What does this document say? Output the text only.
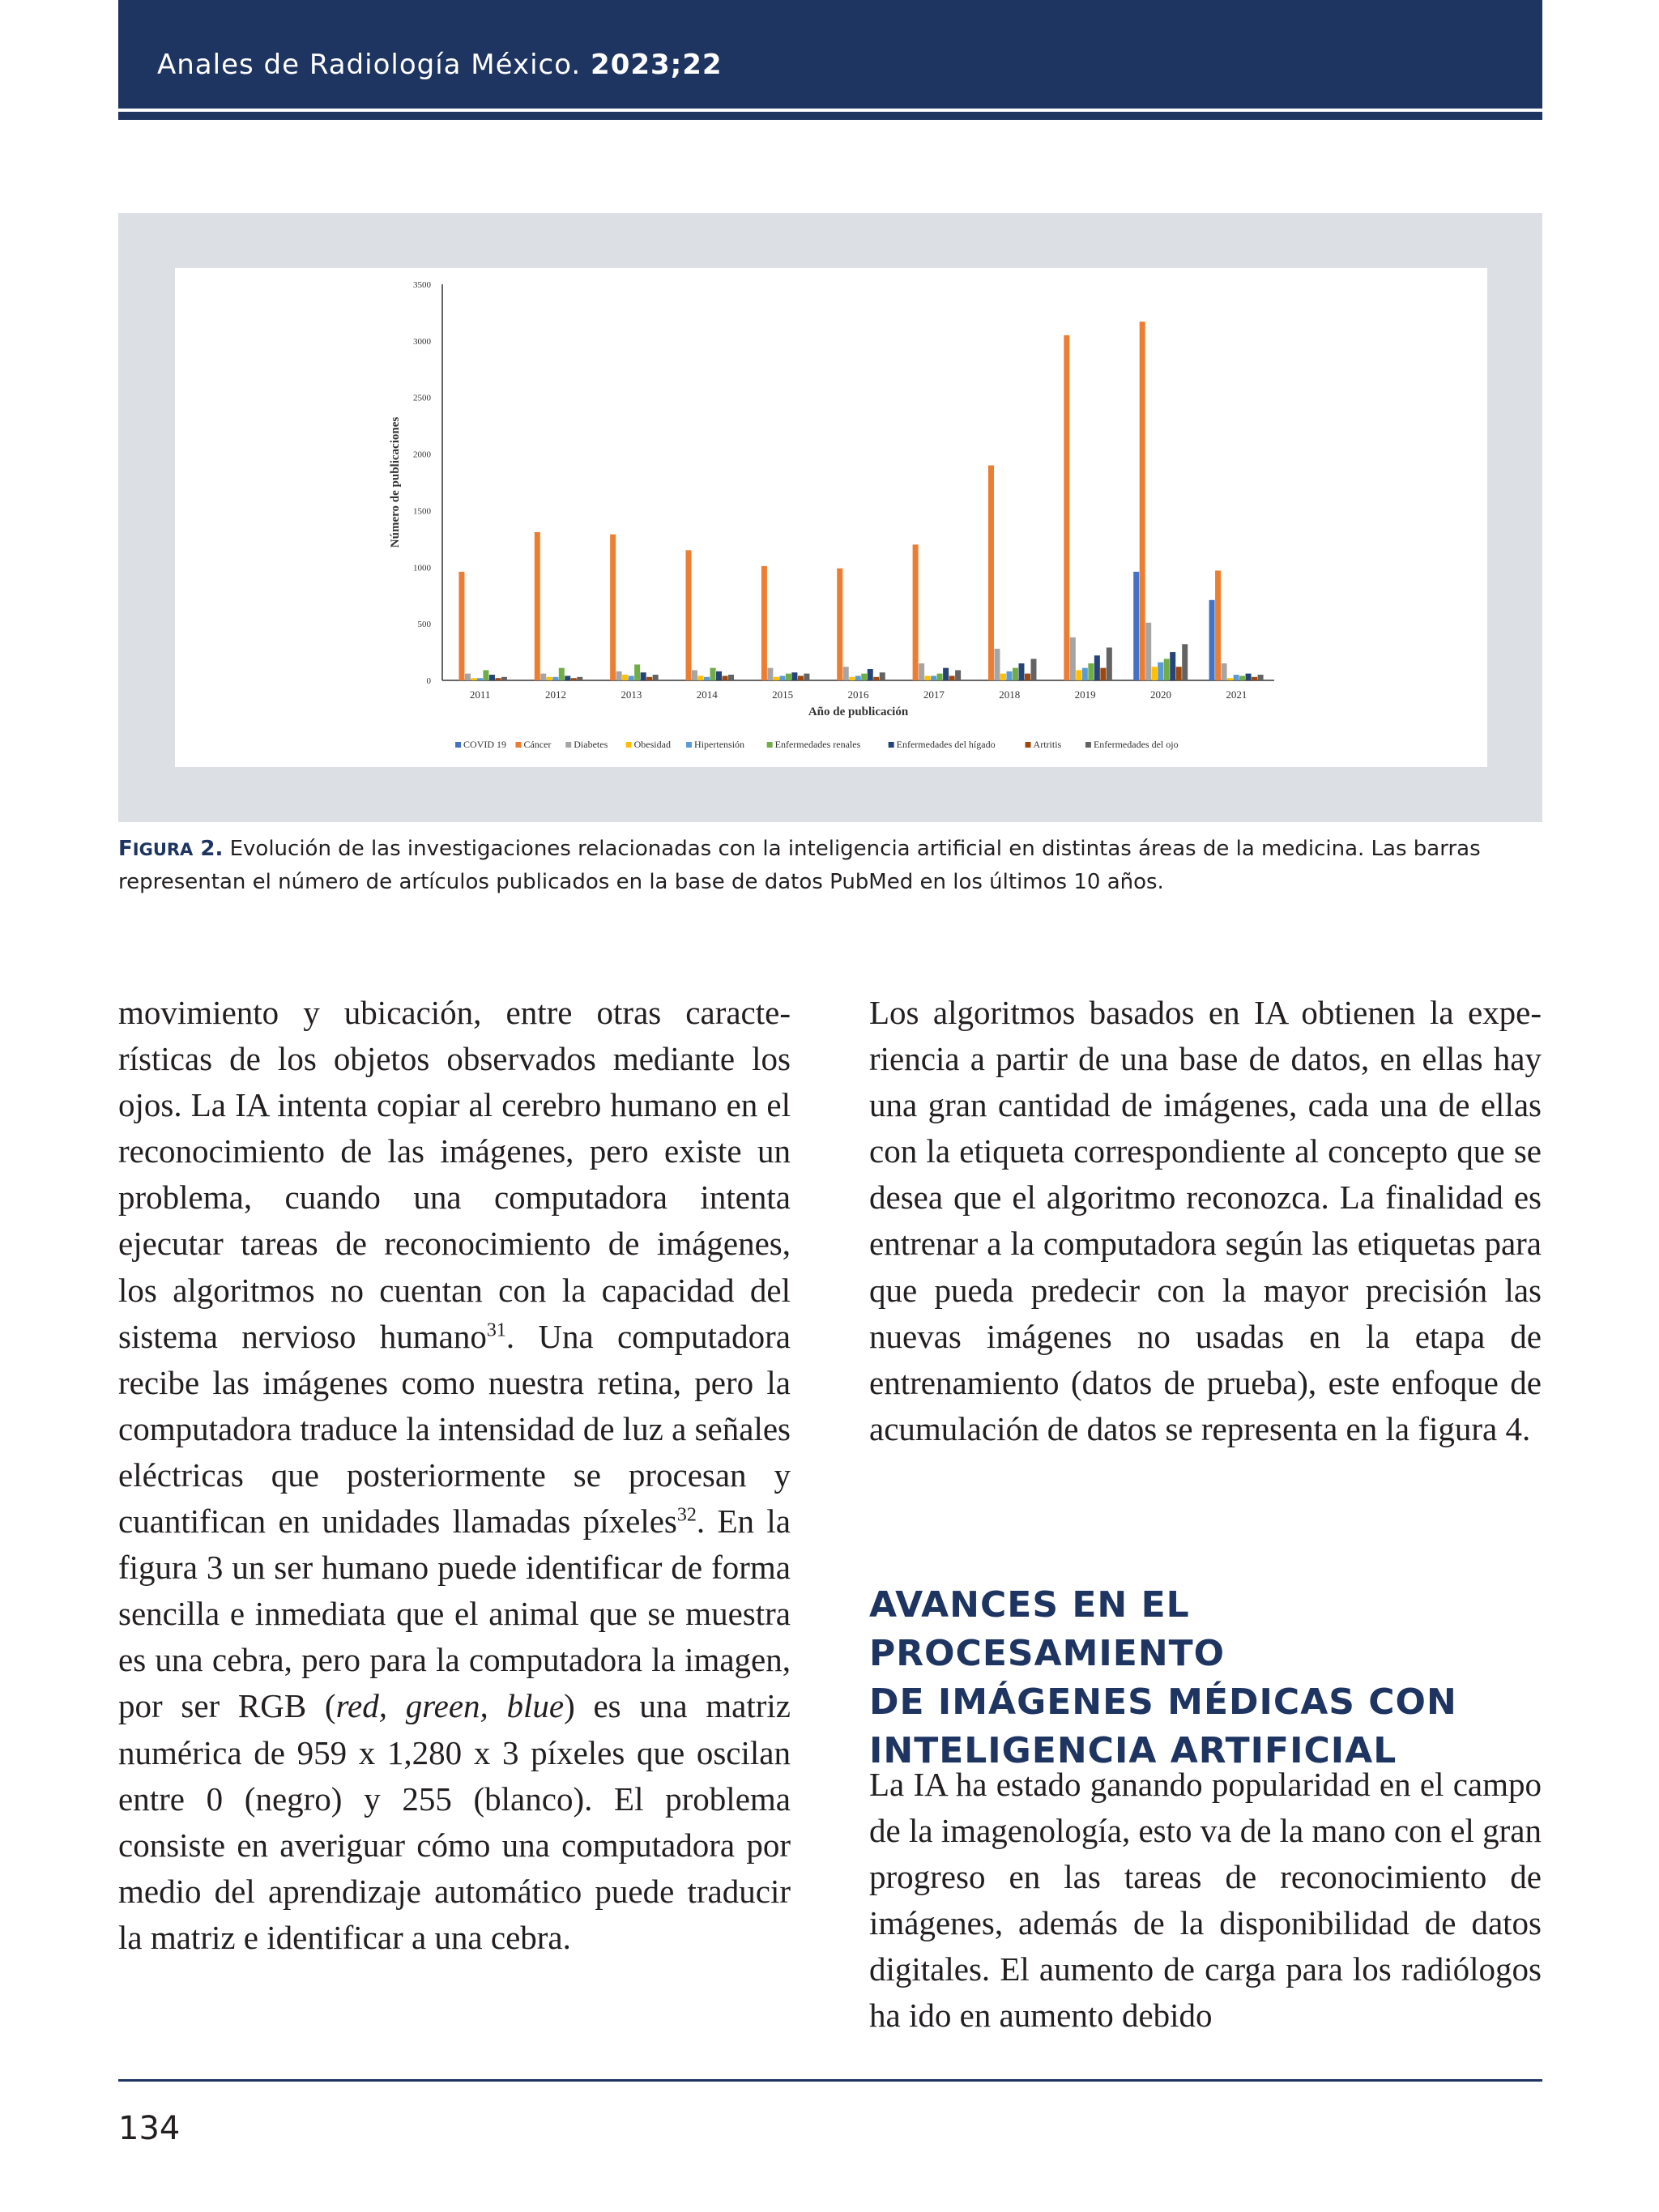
Anales de Radiología México. 2023;22
0
500
1000
1500
2000
2500
3000
3500
2011	2012	2013	2014	2015	2016	2017	2018	2019	2020	2021
Año de publicación
Número de publicaciones
COVID 19 Cáncer Diabetes	Obesidad Hipertensión	Enfermedades renales	Enfermedades del hígado	Artritis	Enfermedades del ojo
FIGURA 2. Evolución de las investigaciones relacionadas con la inteligencia artificial en distintas áreas de la medicina. Las barras representan el número de artículos publicados en la base de datos PubMed en los últimos 10 años.

movimiento y ubicación, entre otras características de los objetos observados mediante los ojos. La IA intenta copiar al cerebro humano en el reconocimiento de las imágenes, pero existe un problema, cuando una computadora intenta ejecutar tareas de reconocimiento de imágenes, los algoritmos no cuentan con la capacidad del sistema nervioso humano$^{31}$. Una computadora recibe las imágenes como nuestra retina, pero la computadora traduce la intensidad de luz a señales eléctricas que posteriormente se procesan y cuantifican en unidades llamadas píxeles$^{32}$. En la figura 3 un ser humano puede identificar de forma sencilla e inmediata que el animal que se muestra es una cebra, pero para la computadora la imagen, por ser RGB (red, green, blue) es una matriz numérica de 959 x 1,280 x 3 píxeles que oscilan entre 0 (negro) y 255 (blanco). El problema consiste en averiguar cómo una computadora por medio del aprendizaje automático puede traducir la matriz e identificar a una cebra.

Los algoritmos basados en IA obtienen la experiencia a partir de una base de datos, en ellas hay una gran cantidad de imágenes, cada una de ellas con la etiqueta correspondiente al concepto que se desea que el algoritmo reconozca. La finalidad es entrenar a la computadora según las etiquetas para que pueda predecir con la mayor precisión las nuevas imágenes no usadas en la etapa de entrenamiento (datos de prueba), este enfoque de acumulación de datos se representa en la figura 4.

AVANCES EN EL PROCESAMIENTO
DE IMÁGENES MÉDICAS CON
INTELIGENCIA ARTIFICIAL

La IA ha estado ganando popularidad en el campo de la imagenología, esto va de la mano con el gran progreso en las tareas de reconocimiento de imágenes, además de la disponibilidad de datos digitales. El aumento de carga para los radiólogos ha ido en aumento debido

134
